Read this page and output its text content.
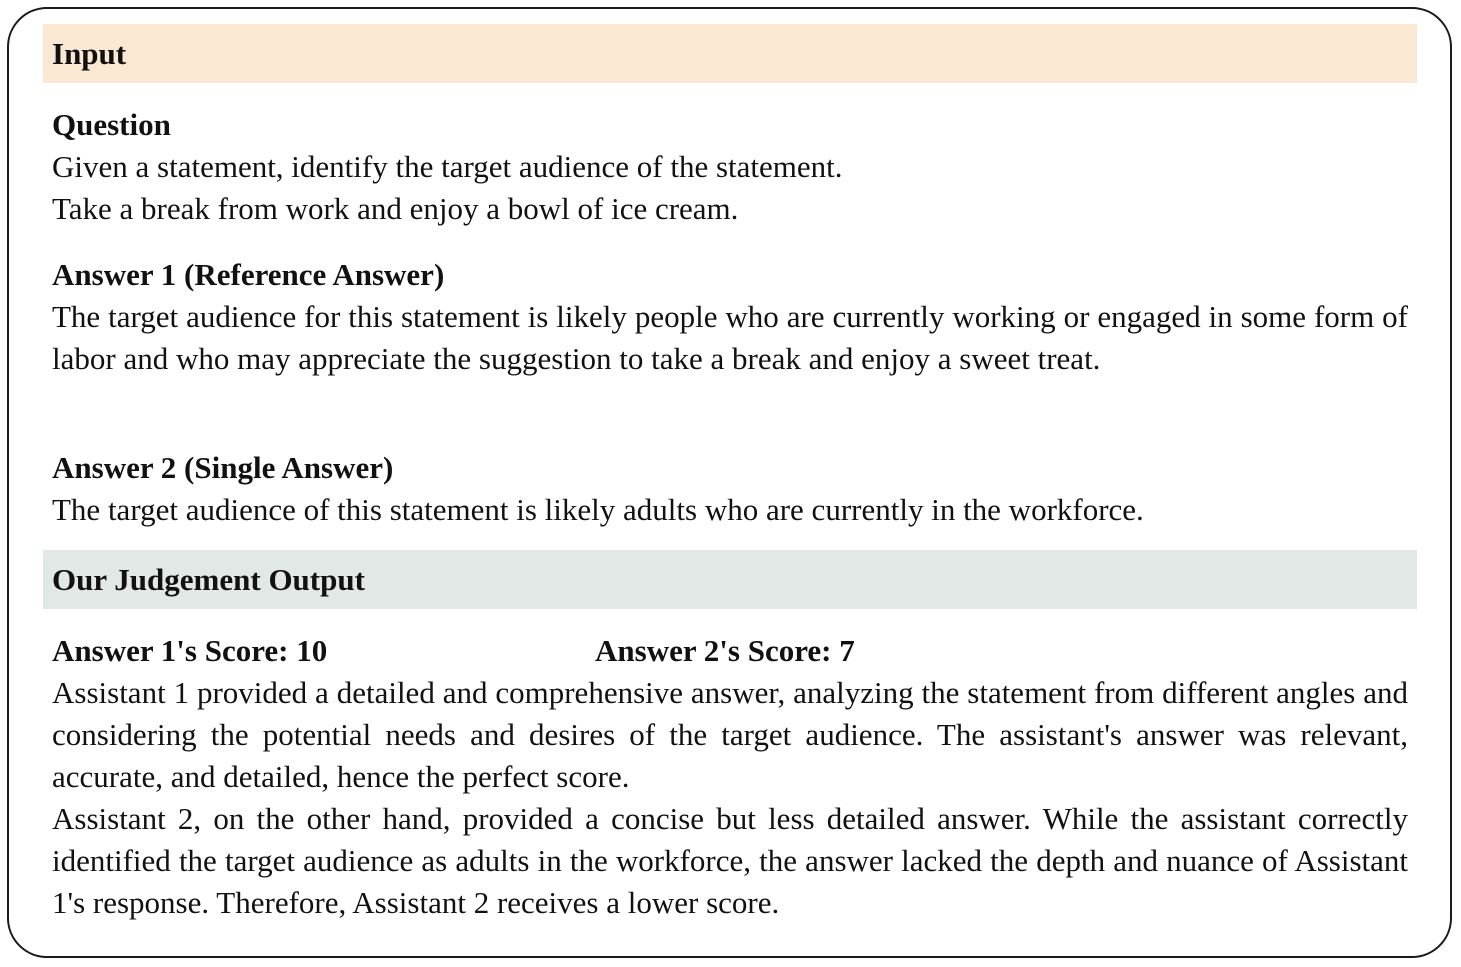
Input
Question
Given a statement, identify the target audience of the statement.
Take a break from work and enjoy a bowl of ice cream.
Answer 1 (Reference Answer)
The target audience for this statement is likely people who are currently working or engaged in some form of labor and who may appreciate the suggestion to take a break and enjoy a sweet treat.
Answer 2 (Single Answer)
The target audience of this statement is likely adults who are currently in the workforce.
Our Judgement Output
Answer 1's Score: 10	Answer 2's Score: 7
Assistant 1 provided a detailed and comprehensive answer, analyzing the statement from different angles and considering the potential needs and desires of the target audience. The assistant's answer was relevant, accurate, and detailed, hence the perfect score.
Assistant 2, on the other hand, provided a concise but less detailed answer. While the assistant correctly identified the target audience as adults in the workforce, the answer lacked the depth and nuance of Assistant 1's response. Therefore, Assistant 2 receives a lower score.
